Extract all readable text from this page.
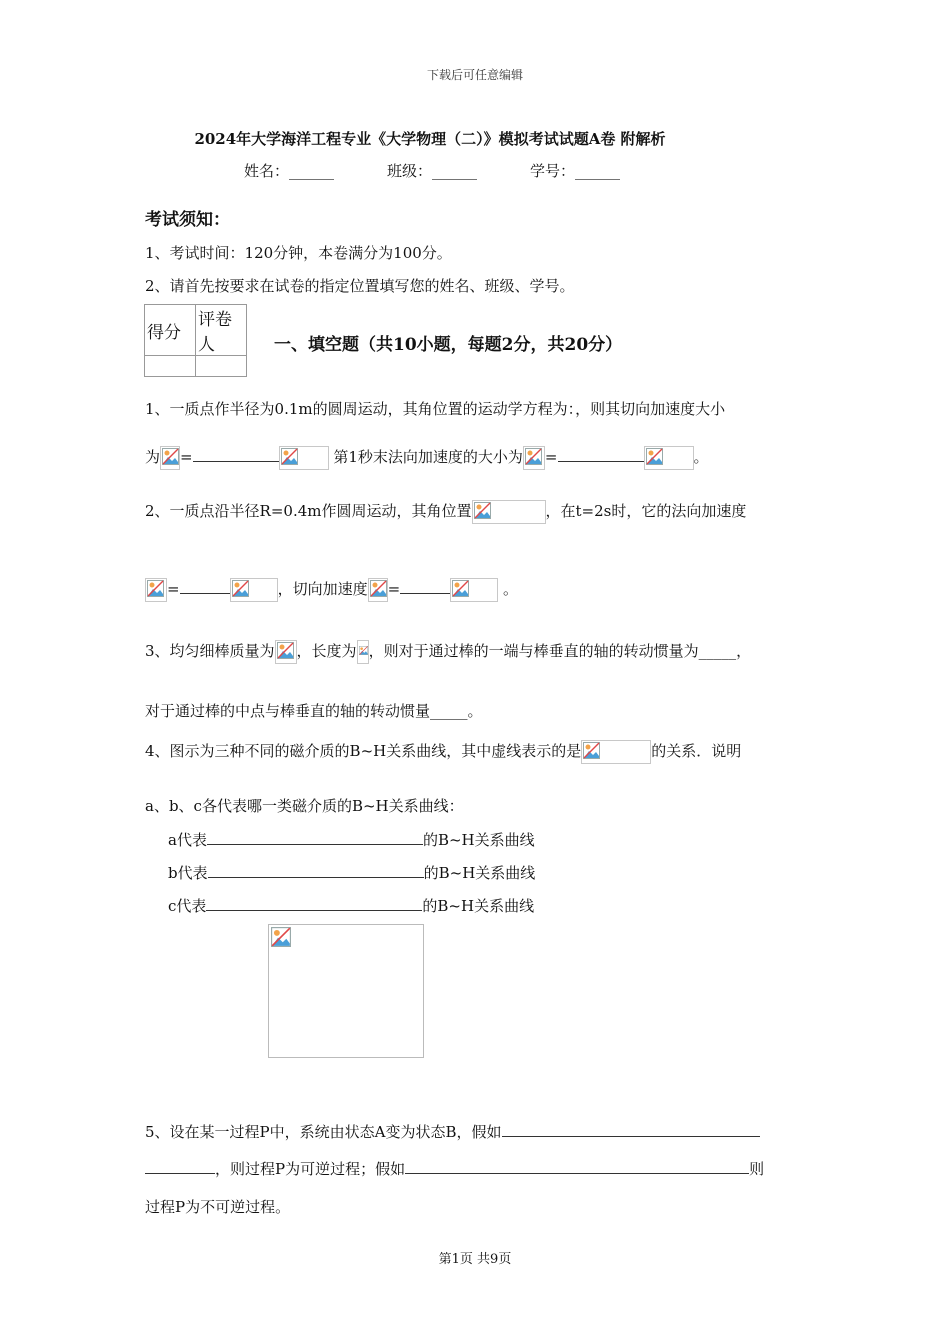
下载后可任意编辑
2024年大学海洋工程专业《大学物理（二）》模拟考试试题A卷 附解析
姓名：______	班级：______	学号：______
考试须知：
1、考试时间：120分钟，本卷满分为100分。
2、请首先按要求在试卷的指定位置填写您的姓名、班级、学号。
得分	评卷人
		一、填空题（共10小题，每题2分，共20分）
1、一质点作半径为0.1m的圆周运动，其角位置的运动学方程为：，则其切向加速度大小
为 =	第1秒末法向加速度的大小为 =	。
2、一质点沿半径R=0.4m作圆周运动，其角位置	，在t=2s时，它的法向加速度
=	，切向加速度 =	。
3、均匀细棒质量为 ，长度为 ，则对于通过棒的一端与棒垂直的轴的转动惯量为_____，
对于通过棒的中点与棒垂直的轴的转动惯量_____。
4、图示为三种不同的磁介质的B~H关系曲线，其中虚线表示的是	的关系．说明
a、b、c各代表哪一类磁介质的B~H关系曲线：
a代表	的B~H关系曲线
b代表	的B~H关系曲线
c代表	的B~H关系曲线
5、设在某一过程P中，系统由状态A变为状态B，假如
，则过程P为可逆过程；假如	则
过程P为不可逆过程。
第1页 共9页
